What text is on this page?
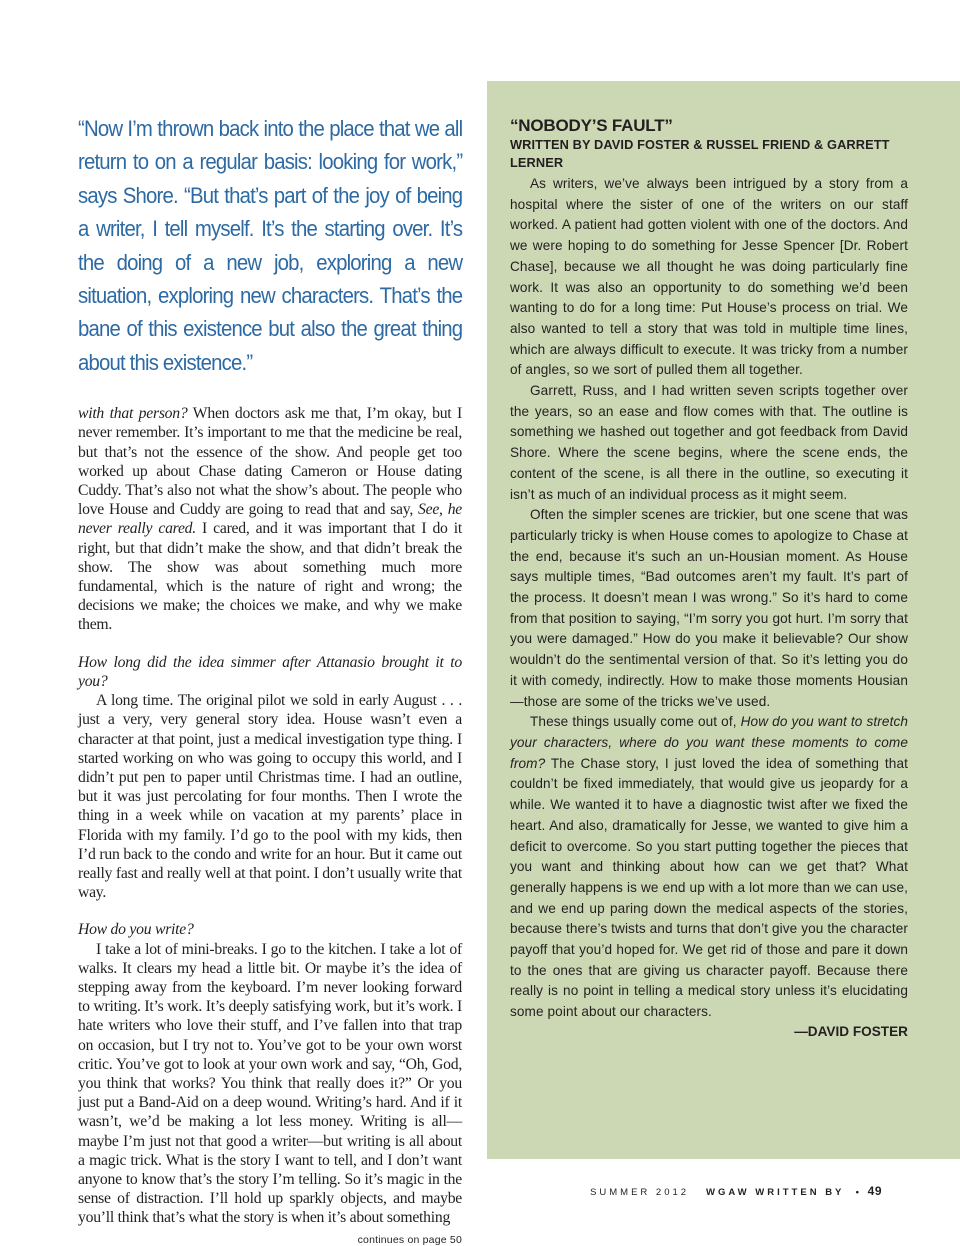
“Now I’m thrown back into the place that we all return to on a regular basis: looking for work,” says Shore. “But that’s part of the joy of being a writer, I tell myself. It’s the starting over. It’s the doing of a new job, exploring a new situation, exploring new characters. That’s the bane of this existence but also the great thing about this existence.”

with that person? When doctors ask me that, I’m okay, but I never remember. It’s important to me that the medicine be real, but that’s not the essence of the show. And people get too worked up about Chase dating Cameron or House dating Cuddy. That’s also not what the show’s about. The people who love House and Cuddy are going to read that and say, See, he never really cared. I cared, and it was important that I do it right, but that didn’t make the show, and that didn’t break the show. The show was about something much more fundamental, which is the nature of right and wrong; the decisions we make; the choices we make, and why we make them.

How long did the idea simmer after Attanasio brought it to you?

A long time. The original pilot we sold in early August . . . just a very, very general story idea. House wasn’t even a character at that point, just a medical investigation type thing. I started working on who was going to occupy this world, and I didn’t put pen to paper until Christmas time. I had an outline, but it was just percolating for four months. Then I wrote the thing in a week while on vacation at my parents’ place in Florida with my family. I’d go to the pool with my kids, then I’d run back to the condo and write for an hour. But it came out really fast and really well at that point. I don’t usually write that way.

How do you write?

I take a lot of mini-breaks. I go to the kitchen. I take a lot of walks. It clears my head a little bit. Or maybe it’s the idea of stepping away from the keyboard. I’m never looking forward to writing. It’s work. It’s deeply satisfying work, but it’s work. I hate writers who love their stuff, and I’ve fallen into that trap on occasion, but I try not to. You’ve got to be your own worst critic. You’ve got to look at your own work and say, “Oh, God, you think that works? You think that really does it?” Or you just put a Band-Aid on a deep wound. Writing’s hard. And if it wasn’t, we’d be making a lot less money. Writing is all—maybe I’m just not that good a writer—but writing is all about a magic trick. What is the story I want to tell, and I don’t want anyone to know that’s the story I’m telling. So it’s magic in the sense of distraction. I’ll hold up sparkly objects, and maybe you’ll think that’s what the story is when it’s about something

continues on page 50

“NOBODY’S FAULT”

WRITTEN BY DAVID FOSTER & RUSSEL FRIEND & GARRETT LERNER

As writers, we’ve always been intrigued by a story from a hospital where the sister of one of the writers on our staff worked. A patient had gotten violent with one of the doctors. And we were hoping to do something for Jesse Spencer [Dr. Robert Chase], because we all thought he was doing particularly fine work. It was also an opportunity to do something we’d been wanting to do for a long time: Put House’s process on trial. We also wanted to tell a story that was told in multiple time lines, which are always difficult to execute. It was tricky from a number of angles, so we sort of pulled them all together.

Garrett, Russ, and I had written seven scripts together over the years, so an ease and flow comes with that. The outline is something we hashed out together and got feedback from David Shore. Where the scene begins, where the scene ends, the content of the scene, is all there in the outline, so executing it isn’t as much of an individual process as it might seem.

Often the simpler scenes are trickier, but one scene that was particularly tricky is when House comes to apologize to Chase at the end, because it’s such an un-Housian moment. As House says multiple times, “Bad outcomes aren’t my fault. It’s part of the process. It doesn’t mean I was wrong.” So it’s hard to come from that position to saying, “I’m sorry you got hurt. I’m sorry that you were damaged.” How do you make it believable? Our show wouldn’t do the sentimental version of that. So it’s letting you do it with comedy, indirectly. How to make those moments Housian—those are some of the tricks we’ve used.

These things usually come out of, How do you want to stretch your characters, where do you want these moments to come from? The Chase story, I just loved the idea of something that couldn’t be fixed immediately, that would give us jeopardy for a while. We wanted it to have a diagnostic twist after we fixed the heart. And also, dramatically for Jesse, we wanted to give him a deficit to overcome. So you start putting together the pieces that you want and thinking about how can we get that? What generally happens is we end up with a lot more than we can use, and we end up paring down the medical aspects of the stories, because there’s twists and turns that don’t give you the character payoff that you’d hoped for. We get rid of those and pare it down to the ones that are giving us character payoff. Because there really is no point in telling a medical story unless it’s elucidating some point about our characters.

—DAVID FOSTER
SUMMER 2012 WGAW WRITTEN BY • 49
